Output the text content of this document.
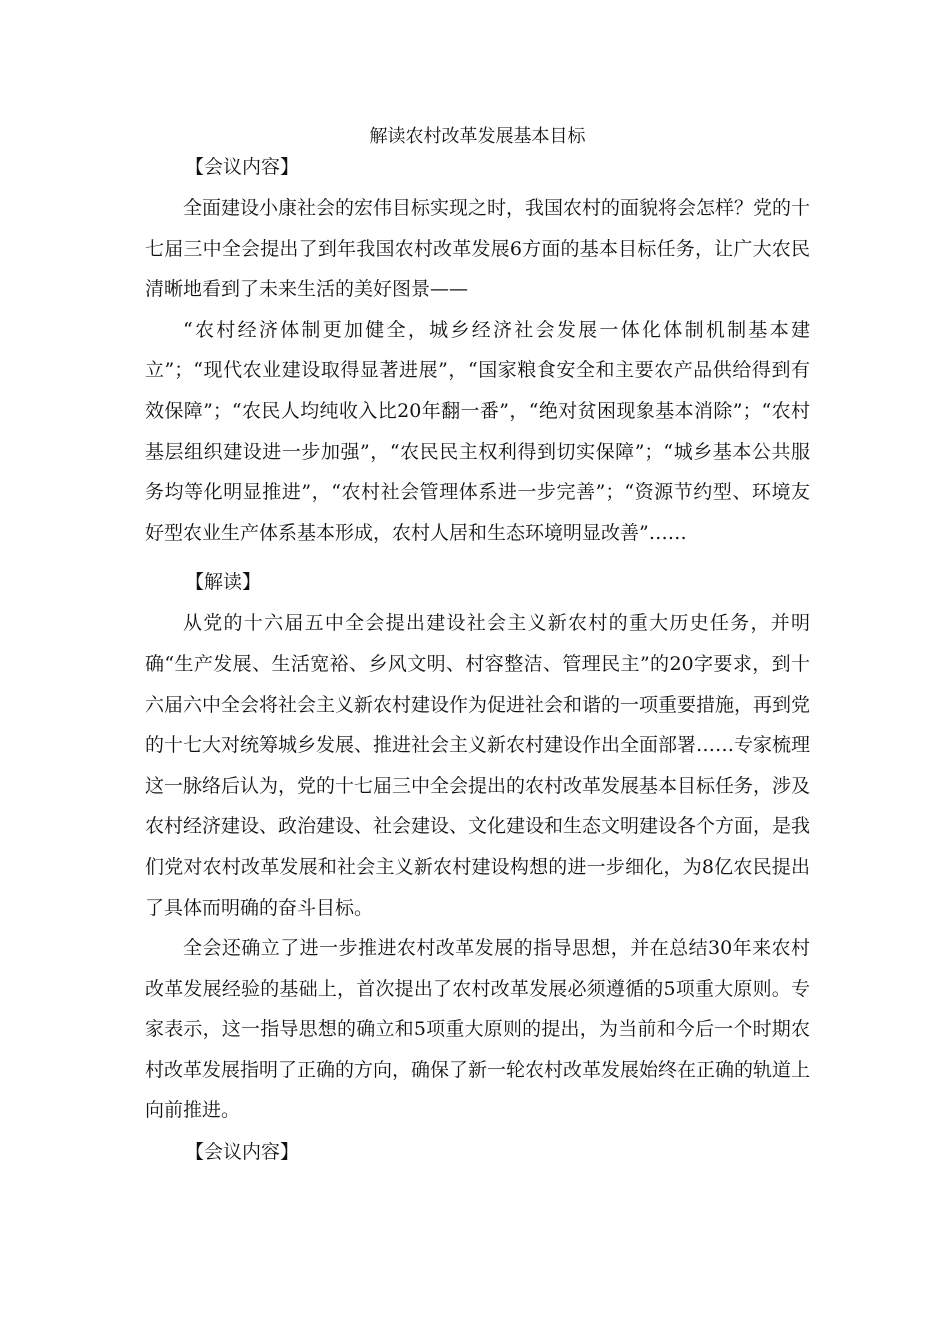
解读农村改革发展基本目标
【会议内容】

全面建设小康社会的宏伟目标实现之时，我国农村的面貌将会怎样？党的十七届三中全会提出了到年我国农村改革发展6方面的基本目标任务，让广大农民清晰地看到了未来生活的美好图景——

“农村经济体制更加健全，城乡经济社会发展一体化体制机制基本建立”；“现代农业建设取得显著进展”，“国家粮食安全和主要农产品供给得到有效保障”；“农民人均纯收入比20年翻一番”，“绝对贫困现象基本消除”；“农村基层组织建设进一步加强”，“农民民主权利得到切实保障”；“城乡基本公共服务均等化明显推进”，“农村社会管理体系进一步完善”；“资源节约型、环境友好型农业生产体系基本形成，农村人居和生态环境明显改善”……

【解读】

从党的十六届五中全会提出建设社会主义新农村的重大历史任务，并明确“生产发展、生活宽裕、乡风文明、村容整洁、管理民主”的20字要求，到十六届六中全会将社会主义新农村建设作为促进社会和谐的一项重要措施，再到党的十七大对统筹城乡发展、推进社会主义新农村建设作出全面部署……专家梳理这一脉络后认为，党的十七届三中全会提出的农村改革发展基本目标任务，涉及农村经济建设、政治建设、社会建设、文化建设和生态文明建设各个方面，是我们党对农村改革发展和社会主义新农村建设构想的进一步细化，为8亿农民提出了具体而明确的奋斗目标。

全会还确立了进一步推进农村改革发展的指导思想，并在总结30年来农村改革发展经验的基础上，首次提出了农村改革发展必须遵循的5项重大原则。专家表示，这一指导思想的确立和5项重大原则的提出，为当前和今后一个时期农村改革发展指明了正确的方向，确保了新一轮农村改革发展始终在正确的轨道上向前推进。

【会议内容】
